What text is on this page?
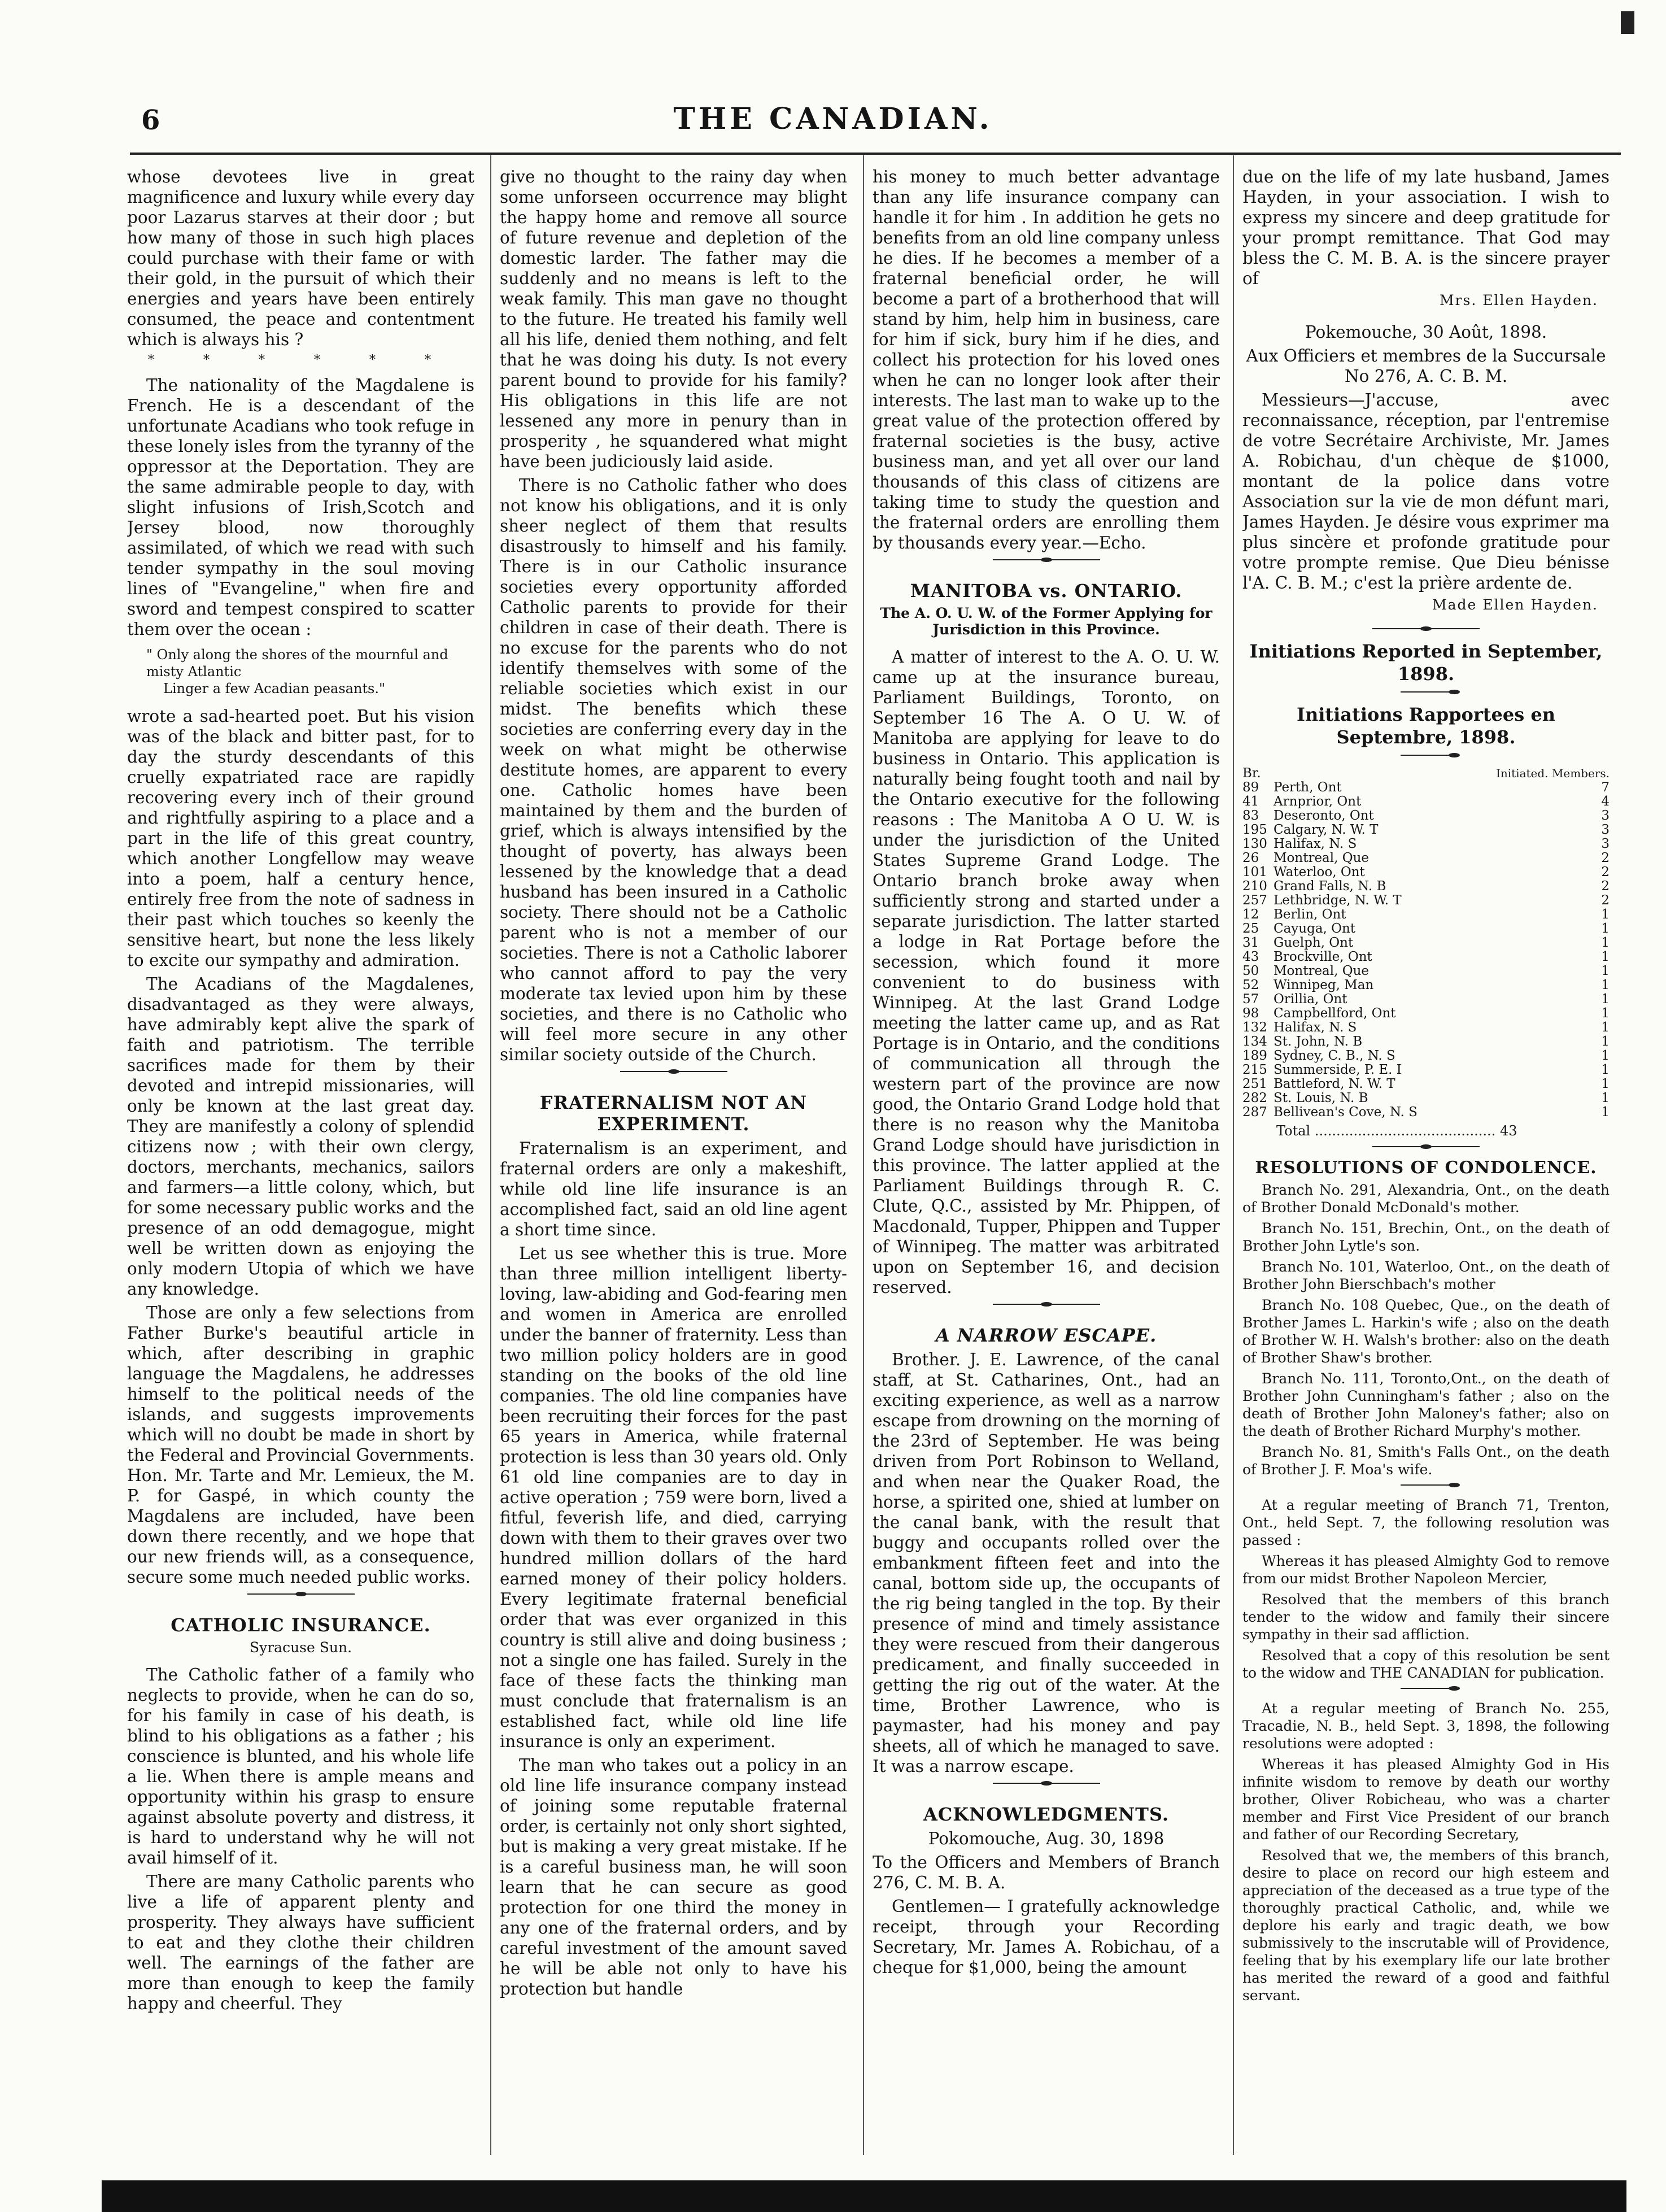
THE CANADIAN.
6

whose devotees live in great magnificence and luxury while every day poor Lazarus starves at their door ; but how many of those in such high places could purchase with their fame or with their gold, in the pursuit of which their energies and years have been entirely consumed, the peace and contentment which is always his ?

* * * * * *

The nationality of the Magdalene is French. He is a descendant of the unfortunate Acadians who took refuge in these lonely isles from the tyranny of the oppressor at the Deportation. They are the same admirable people to day, with slight infusions of Irish,Scotch and Jersey blood, now thoroughly assimilated, of which we read with such tender sympathy in the soul moving lines of "Evangeline," when fire and sword and tempest conspired to scatter them over the ocean :

" Only along the shores of the mournful and misty Atlantic
Linger a few Acadian peasants."

wrote a sad-hearted poet. But his vision was of the black and bitter past, for to day the sturdy descendants of this cruelly expatriated race are rapidly recovering every inch of their ground and rightfully aspiring to a place and a part in the life of this great country, which another Longfellow may weave into a poem, half a century hence, entirely free from the note of sadness in their past which touches so keenly the sensitive heart, but none the less likely to excite our sympathy and admiration.

The Acadians of the Magdalenes, disadvantaged as they were always, have admirably kept alive the spark of faith and patriotism. The terrible sacrifices made for them by their devoted and intrepid missionaries, will only be known at the last great day. They are manifestly a colony of splendid citizens now ; with their own clergy, doctors, merchants, mechanics, sailors and farmers—a little colony, which, but for some necessary public works and the presence of an odd demagogue, might well be written down as enjoying the only modern Utopia of which we have any knowledge.

Those are only a few selections from Father Burke's beautiful article in which, after describing in graphic language the Magdalens, he addresses himself to the political needs of the islands, and suggests improvements which will no doubt be made in short by the Federal and Provincial Governments. Hon. Mr. Tarte and Mr. Lemieux, the M. P. for Gaspé, in which county the Magdalens are included, have been down there recently, and we hope that our new friends will, as a consequence, secure some much needed public works.

CATHOLIC INSURANCE.
Syracuse Sun.

The Catholic father of a family who neglects to provide, when he can do so, for his family in case of his death, is blind to his obligations as a father ; his conscience is blunted, and his whole life a lie. When there is ample means and opportunity within his grasp to ensure against absolute poverty and distress, it is hard to understand why he will not avail himself of it.

There are many Catholic parents who live a life of apparent plenty and prosperity. They always have sufficient to eat and they clothe their children well. The earnings of the father are more than enough to keep the family happy and cheerful. They

give no thought to the rainy day when some unforseen occurrence may blight the happy home and remove all source of future revenue and depletion of the domestic larder. The father may die suddenly and no means is left to the weak family. This man gave no thought to the future. He treated his family well all his life, denied them nothing, and felt that he was doing his duty. Is not every parent bound to provide for his family? His obligations in this life are not lessened any more in penury than in prosperity , he squandered what might have been judiciously laid aside.

There is no Catholic father who does not know his obligations, and it is only sheer neglect of them that results disastrously to himself and his family. There is in our Catholic insurance societies every opportunity afforded Catholic parents to provide for their children in case of their death. There is no excuse for the parents who do not identify themselves with some of the reliable societies which exist in our midst. The benefits which these societies are conferring every day in the week on what might be otherwise destitute homes, are apparent to every one. Catholic homes have been maintained by them and the burden of grief, which is always intensified by the thought of poverty, has always been lessened by the knowledge that a dead husband has been insured in a Catholic society. There should not be a Catholic parent who is not a member of our societies. There is not a Catholic laborer who cannot afford to pay the very moderate tax levied upon him by these societies, and there is no Catholic who will feel more secure in any other similar society outside of the Church.

FRATERNALISM NOT AN EXPERIMENT.

Fraternalism is an experiment, and fraternal orders are only a makeshift, while old line life insurance is an accomplished fact, said an old line agent a short time since.

Let us see whether this is true. More than three million intelligent liberty-loving, law-abiding and God-fearing men and women in America are enrolled under the banner of fraternity. Less than two million policy holders are in good standing on the books of the old line companies. The old line companies have been recruiting their forces for the past 65 years in America, while fraternal protection is less than 30 years old. Only 61 old line companies are to day in active operation ; 759 were born, lived a fitful, feverish life, and died, carrying down with them to their graves over two hundred million dollars of the hard earned money of their policy holders. Every legitimate fraternal beneficial order that was ever organized in this country is still alive and doing business ; not a single one has failed. Surely in the face of these facts the thinking man must conclude that fraternalism is an established fact, while old line life insurance is only an experiment.

The man who takes out a policy in an old line life insurance company instead of joining some reputable fraternal order, is certainly not only short sighted, but is making a very great mistake. If he is a careful business man, he will soon learn that he can secure as good protection for one third the money in any one of the fraternal orders, and by careful investment of the amount saved he will be able not only to have his protection but handle

his money to much better advantage than any life insurance company can handle it for him . In addition he gets no benefits from an old line company unless he dies. If he becomes a member of a fraternal beneficial order, he will become a part of a brotherhood that will stand by him, help him in business, care for him if sick, bury him if he dies, and collect his protection for his loved ones when he can no longer look after their interests. The last man to wake up to the great value of the protection offered by fraternal societies is the busy, active business man, and yet all over our land thousands of this class of citizens are taking time to study the question and the fraternal orders are enrolling them by thousands every year.—Echo.

MANITOBA vs. ONTARIO.
The A. O. U. W. of the Former Applying for Jurisdiction in this Province.

A matter of interest to the A. O. U. W. came up at the insurance bureau, Parliament Buildings, Toronto, on September 16 The A. O U. W. of Manitoba are applying for leave to do business in Ontario. This application is naturally being fought tooth and nail by the Ontario executive for the following reasons : The Manitoba A O U. W. is under the jurisdiction of the United States Supreme Grand Lodge. The Ontario branch broke away when sufficiently strong and started under a separate jurisdiction. The latter started a lodge in Rat Portage before the secession, which found it more convenient to do business with Winnipeg. At the last Grand Lodge meeting the latter came up, and as Rat Portage is in Ontario, and the conditions of communication all through the western part of the province are now good, the Ontario Grand Lodge hold that there is no reason why the Manitoba Grand Lodge should have jurisdiction in this province. The latter applied at the Parliament Buildings through R. C. Clute, Q.C., assisted by Mr. Phippen, of Macdonald, Tupper, Phippen and Tupper of Winnipeg. The matter was arbitrated upon on September 16, and decision reserved.

A NARROW ESCAPE.

Brother. J. E. Lawrence, of the canal staff, at St. Catharines, Ont., had an exciting experience, as well as a narrow escape from drowning on the morning of the 23rd of September. He was being driven from Port Robinson to Welland, and when near the Quaker Road, the horse, a spirited one, shied at lumber on the canal bank, with the result that buggy and occupants rolled over the embankment fifteen feet and into the canal, bottom side up, the occupants of the rig being tangled in the top. By their presence of mind and timely assistance they were rescued from their dangerous predicament, and finally succeeded in getting the rig out of the water. At the time, Brother Lawrence, who is paymaster, had his money and pay sheets, all of which he managed to save. It was a narrow escape.

ACKNOWLEDGMENTS.

Pokomouche, Aug. 30, 1898

To the Officers and Members of Branch 276, C. M. B. A.

Gentlemen— I gratefully acknowledge receipt, through your Recording Secretary, Mr. James A. Robichau, of a cheque for $1,000, being the amount

due on the life of my late husband, James Hayden, in your association. I wish to express my sincere and deep gratitude for your prompt remittance. That God may bless the C. M. B. A. is the sincere prayer of

Mrs. Ellen Hayden.

Pokemouche, 30 Août, 1898.

Aux Officiers et membres de la Succursale No 276, A. C. B. M.

Messieurs—J'accuse, avec reconnaissance, réception, par l'entremise de votre Secrétaire Archiviste, Mr. James A. Robichau, d'un chèque de $1000, montant de la police dans votre Association sur la vie de mon défunt mari, James Hayden. Je désire vous exprimer ma plus sincère et profonde gratitude pour votre prompte remise. Que Dieu bénisse l'A. C. B. M.; c'est la prière ardente de.

Made Ellen Hayden.
Initiations Reported in September, 1898.
Initiations Rapportees en Septembre, 1898.
Br.		Initiated. Members.
89	Perth, Ont	7
41	Arnprior, Ont	4
83	Deseronto, Ont	3
195	Calgary, N. W. T	3
130	Halifax, N. S	3
26	Montreal, Que	2
101	Waterloo, Ont	2
210	Grand Falls, N. B	2
257	Lethbridge, N. W. T	2
12	Berlin, Ont	1
25	Cayuga, Ont	1
31	Guelph, Ont	1
43	Brockville, Ont	1
50	Montreal, Que	1
52	Winnipeg, Man	1
57	Orillia, Ont	1
98	Campbellford, Ont	1
132	Halifax, N. S	1
134	St. John, N. B	1
189	Sydney, C. B., N. S	1
215	Summerside, P. E. I	1
251	Battleford, N. W. T	1
282	St. Louis, N. B	1
287	Bellivean's Cove, N. S	1
Total .......................................... 43
RESOLUTIONS OF CONDOLENCE.

Branch No. 291, Alexandria, Ont., on the death of Brother Donald McDonald's mother.

Branch No. 151, Brechin, Ont., on the death of Brother John Lytle's son.

Branch No. 101, Waterloo, Ont., on the death of Brother John Bierschbach's mother

Branch No. 108 Quebec, Que., on the death of Brother James L. Harkin's wife ; also on the death of Brother W. H. Walsh's brother: also on the death of Brother Shaw's brother.

Branch No. 111, Toronto,Ont., on the death of Brother John Cunningham's father ; also on the death of Brother John Maloney's father; also on the death of Brother Richard Murphy's mother.

Branch No. 81, Smith's Falls Ont., on the death of Brother J. F. Moa's wife.

At a regular meeting of Branch 71, Trenton, Ont., held Sept. 7, the following resolution was passed :

Whereas it has pleased Almighty God to remove from our midst Brother Napoleon Mercier,

Resolved that the members of this branch tender to the widow and family their sincere sympathy in their sad affliction.

Resolved that a copy of this resolution be sent to the widow and THE CANADIAN for publication.

At a regular meeting of Branch No. 255, Tracadie, N. B., held Sept. 3, 1898, the following resolutions were adopted :

Whereas it has pleased Almighty God in His infinite wisdom to remove by death our worthy brother, Oliver Robicheau, who was a charter member and First Vice President of our branch and father of our Recording Secretary,

Resolved that we, the members of this branch, desire to place on record our high esteem and appreciation of the deceased as a true type of the thoroughly practical Catholic, and, while we deplore his early and tragic death, we bow submissively to the inscrutable will of Providence, feeling that by his exemplary life our late brother has merited the reward of a good and faithful servant.
